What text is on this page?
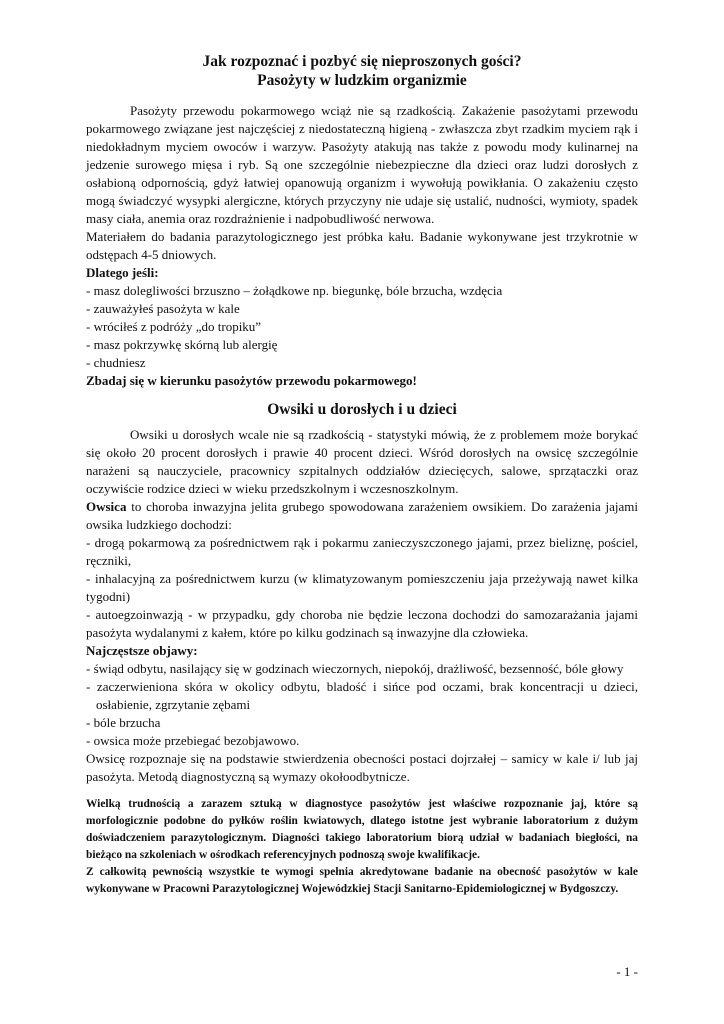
Jak rozpoznać i pozbyć się nieproszonych gości?

Pasożyty w ludzkim organizmie

Pasożyty przewodu pokarmowego wciąż nie są rzadkością. Zakażenie pasożytami przewodu pokarmowego związane jest najczęściej z niedostateczną higieną - zwłaszcza zbyt rzadkim myciem rąk i niedokładnym myciem owoców i warzyw. Pasożyty atakują nas także z powodu mody kulinarnej na jedzenie surowego mięsa i ryb. Są one szczególnie niebezpieczne dla dzieci oraz ludzi dorosłych z osłabioną odpornością, gdyż łatwiej opanowują organizm i wywołują powikłania. O zakażeniu często mogą świadczyć wysypki alergiczne, których przyczyny nie udaje się ustalić, nudności, wymioty, spadek masy ciała, anemia oraz rozdrażnienie i nadpobudliwość nerwowa.

Materiałem do badania parazytologicznego jest próbka kału. Badanie wykonywane jest trzykrotnie w odstępach 4-5 dniowych.

Dlatego jeśli:

- masz dolegliwości brzuszno – żołądkowe np. biegunkę, bóle brzucha, wzdęcia

- zauważyłeś pasożyta w kale

- wróciłeś z podróży „do tropiku”

- masz pokrzywkę skórną lub alergię

- chudniesz

Zbadaj się w kierunku pasożytów przewodu pokarmowego!

Owsiki u dorosłych i u dzieci

Owsiki u dorosłych wcale nie są rzadkością - statystyki mówią, że z problemem może borykać się około 20 procent dorosłych i prawie 40 procent dzieci. Wśród dorosłych na owsicę szczególnie narażeni są nauczyciele, pracownicy szpitalnych oddziałów dziecięcych, salowe, sprzątaczki oraz oczywiście rodzice dzieci w wieku przedszkolnym i wczesnoszkolnym.

Owsica to choroba inwazyjna jelita grubego spowodowana zarażeniem owsikiem. Do zarażenia jajami owsika ludzkiego dochodzi:

- drogą pokarmową za pośrednictwem rąk i pokarmu zanieczyszczonego jajami, przez bieliznę, pościel, ręczniki,

- inhalacyjną za pośrednictwem kurzu (w klimatyzowanym pomieszczeniu jaja przeżywają nawet kilka tygodni)

- autoegzoinwazją - w przypadku, gdy choroba nie będzie leczona dochodzi do samozarażania jajami pasożyta wydalanymi z kałem, które po kilku godzinach są inwazyjne dla człowieka.

Najczęstsze objawy:

- świąd odbytu, nasilający się w godzinach wieczornych, niepokój, drażliwość, bezsenność, bóle głowy

- zaczerwieniona skóra w okolicy odbytu, bladość i sińce pod oczami, brak koncentracji u dzieci, osłabienie, zgrzytanie zębami

- bóle brzucha

- owsica może przebiegać bezobjawowo.

Owsicę rozpoznaje się na podstawie stwierdzenia obecności postaci dojrzałej – samicy w kale i/ lub jaj pasożyta. Metodą diagnostyczną są wymazy okołoodbytnicze.

Wielką trudnością a zarazem sztuką w diagnostyce pasożytów jest właściwe rozpoznanie jaj, które są morfologicznie podobne do pyłków roślin kwiatowych, dlatego istotne jest wybranie laboratorium z dużym doświadczeniem parazytologicznym. Diagności takiego laboratorium biorą udział w badaniach biegłości, na bieżąco na szkoleniach w ośrodkach referencyjnych podnoszą swoje kwalifikacje.

Z całkowitą pewnością wszystkie te wymogi spełnia akredytowane badanie na obecność pasożytów w kale wykonywane w Pracowni Parazytologicznej Wojewódzkiej Stacji Sanitarno-Epidemiologicznej w Bydgoszczy.

- 1 -
